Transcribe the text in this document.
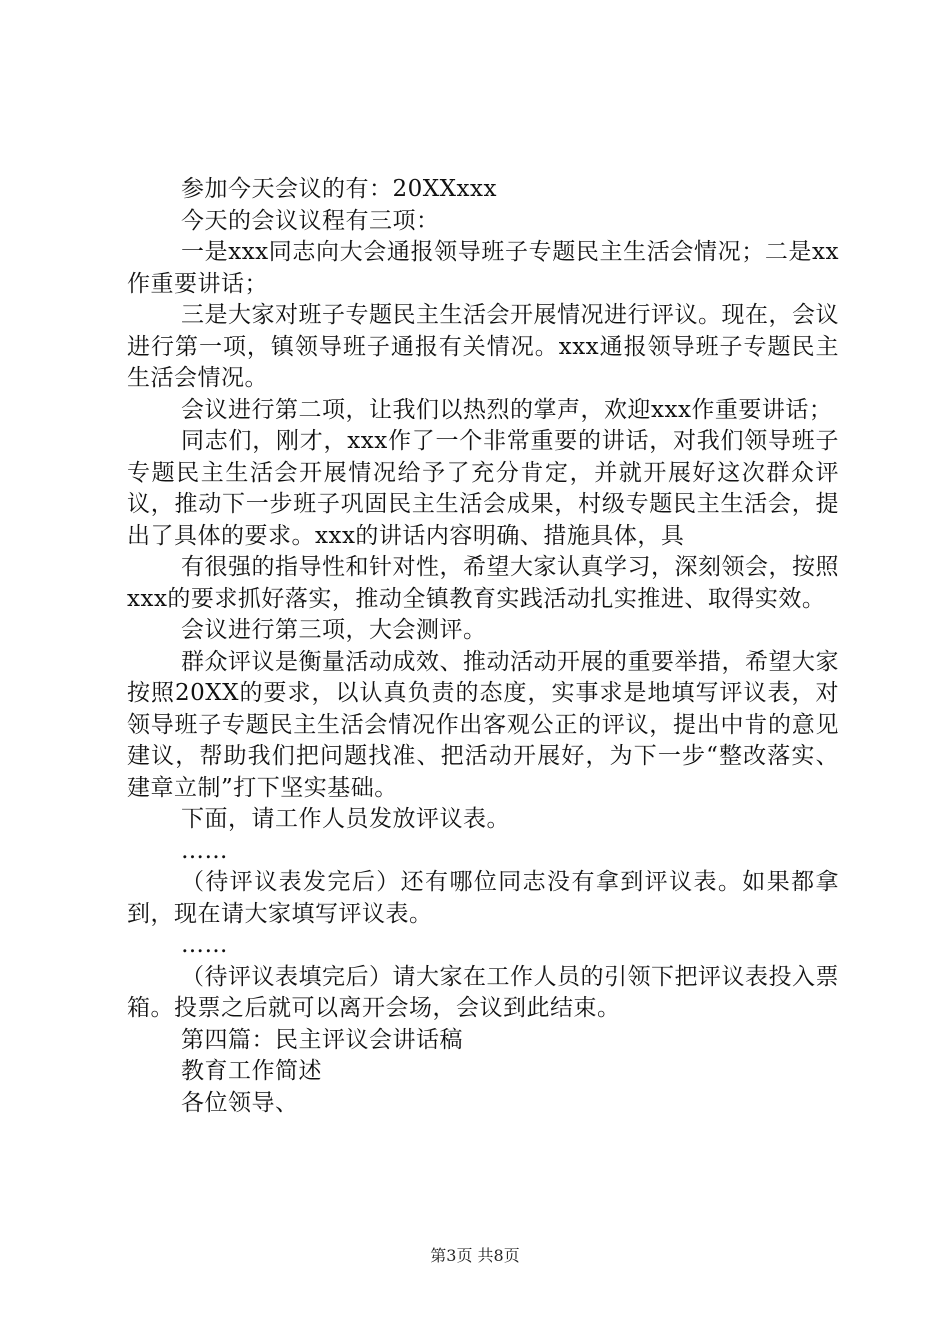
参加今天会议的有：20XXxxx

今天的会议议程有三项：

一是xxx同志向大会通报领导班子专题民主生活会情况；二是xx作重要讲话；

三是大家对班子专题民主生活会开展情况进行评议。现在，会议进行第一项，镇领导班子通报有关情况。xxx通报领导班子专题民主生活会情况。

会议进行第二项，让我们以热烈的掌声，欢迎xxx作重要讲话；

同志们，刚才，xxx作了一个非常重要的讲话，对我们领导班子专题民主生活会开展情况给予了充分肯定，并就开展好这次群众评议，推动下一步班子巩固民主生活会成果，村级专题民主生活会，提出了具体的要求。xxx的讲话内容明确、措施具体，具

有很强的指导性和针对性，希望大家认真学习，深刻领会，按照xxx的要求抓好落实，推动全镇教育实践活动扎实推进、取得实效。

会议进行第三项，大会测评。

群众评议是衡量活动成效、推动活动开展的重要举措，希望大家按照20XX的要求，以认真负责的态度，实事求是地填写评议表，对领导班子专题民主生活会情况作出客观公正的评议，提出中肯的意见建议，帮助我们把问题找准、把活动开展好，为下一步“整改落实、建章立制”打下坚实基础。

下面，请工作人员发放评议表。

……

（待评议表发完后）还有哪位同志没有拿到评议表。如果都拿到，现在请大家填写评议表。

……

（待评议表填完后）请大家在工作人员的引领下把评议表投入票箱。投票之后就可以离开会场，会议到此结束。

第四篇：民主评议会讲话稿

教育工作简述

各位领导、

第3页 共8页
